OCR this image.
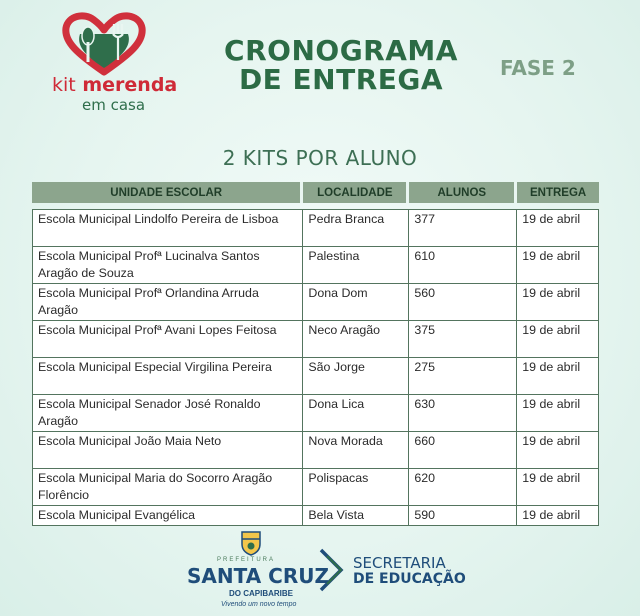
kit merenda
em casa
CRONOGRAMA
DE ENTREGA	FASE 2
2 KITS POR ALUNO
UNIDADE ESCOLAR	LOCALIDADE	ALUNOS	ENTREGA

Escola Municipal Lindolfo Pereira de Lisboa	Pedra Branca	377	19 de abril
Escola Municipal Profª Lucinalva Santos Aragão de Souza	Palestina	610	19 de abril
Escola Municipal Profª Orlandina Arruda Aragão	Dona Dom	560	19 de abril
Escola Municipal Profª Avani Lopes Feitosa	Neco Aragão	375	19 de abril
Escola Municipal Especial Virgilina Pereira	São Jorge	275	19 de abril
Escola Municipal Senador José Ronaldo Aragão	Dona Lica	630	19 de abril
Escola Municipal João Maia Neto	Nova Morada	660	19 de abril
Escola Municipal Maria do Socorro Aragão Florêncio	Polispacas	620	19 de abril
Escola Municipal Evangélica	Bela Vista	590	19 de abril
PREFEITURA
SANTA CRUZ
DO CAPIBARIBE
Vivendo um novo tempo
SECRETARIA
DE EDUCAÇÃO
